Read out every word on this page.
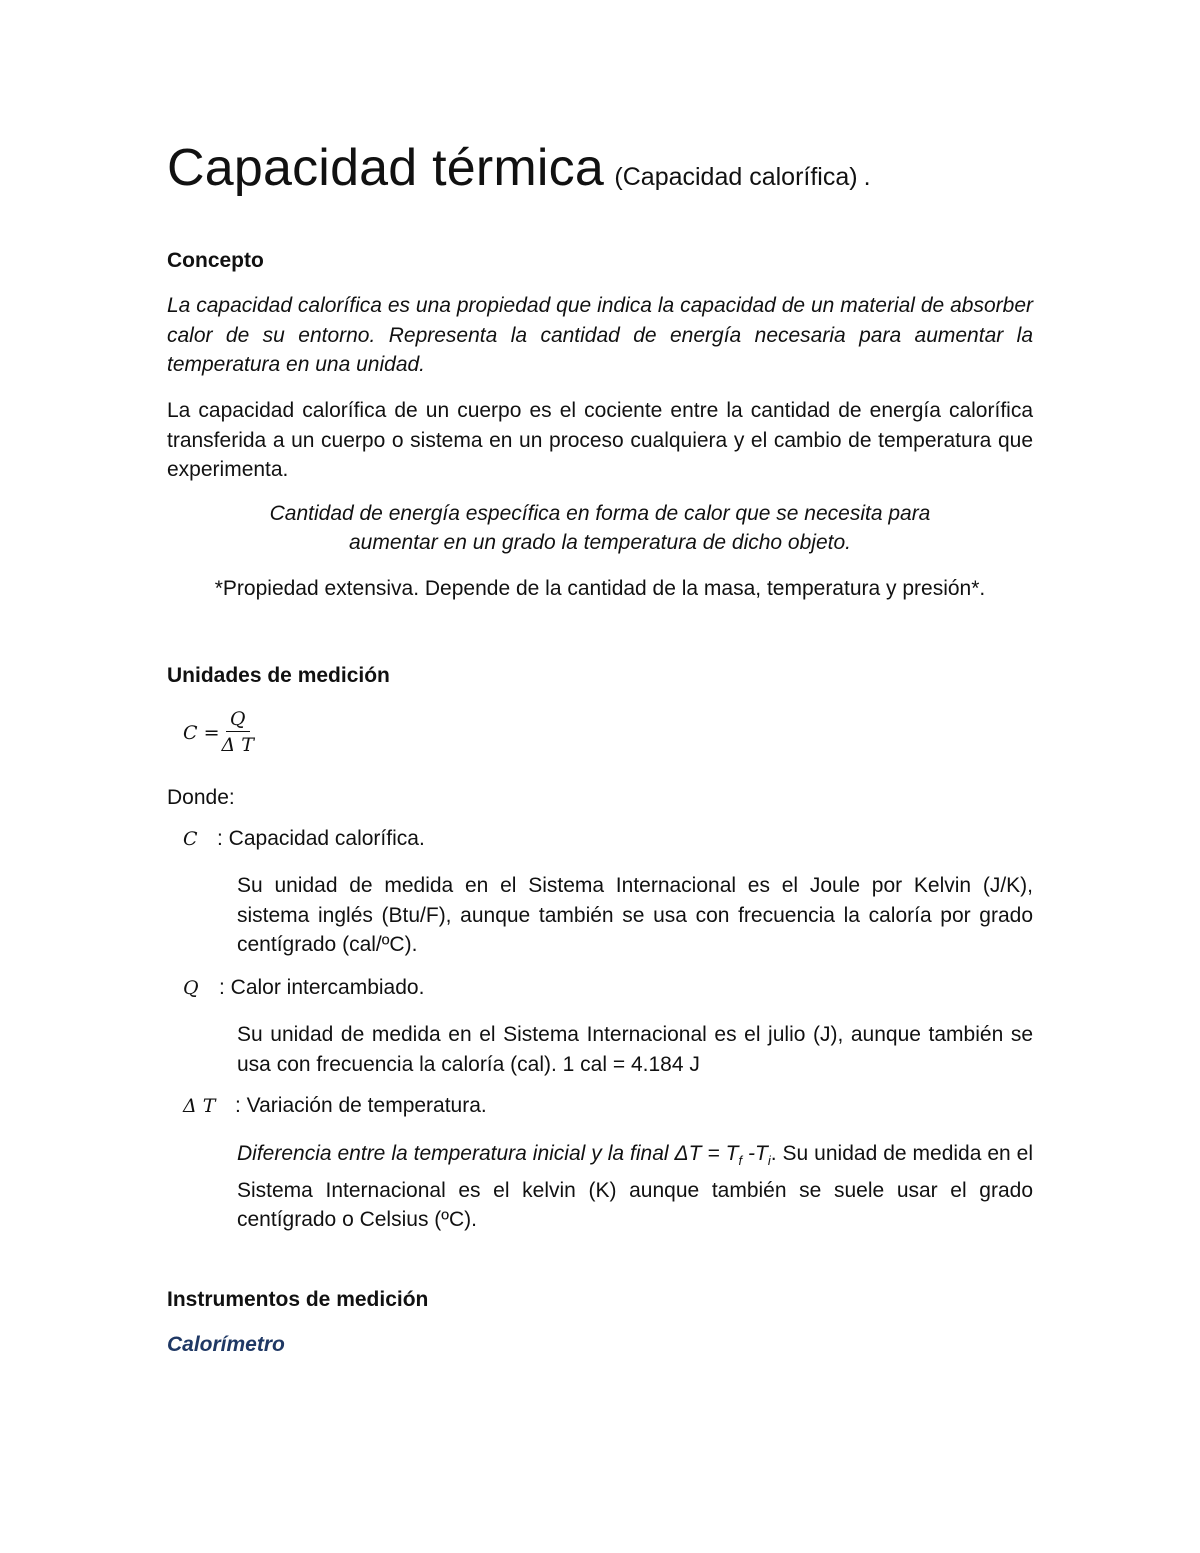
Capacidad térmica (Capacidad calorífica) .
Concepto
La capacidad calorífica es una propiedad que indica la capacidad de un material de absorber calor de su entorno. Representa la cantidad de energía necesaria para aumentar la temperatura en una unidad.
La capacidad calorífica de un cuerpo es el cociente entre la cantidad de energía calorífica transferida a un cuerpo o sistema en un proceso cualquiera y el cambio de temperatura que experimenta.
Cantidad de energía específica en forma de calor que se necesita para
aumentar en un grado la temperatura de dicho objeto.
*Propiedad extensiva. Depende de la cantidad de la masa, temperatura y presión*.
Unidades de medición
$C = \frac{Q}{\text{Δ T}}$
Donde:
C : Capacidad calorífica.
Su unidad de medida en el Sistema Internacional es el Joule por Kelvin (J/K), sistema inglés (Btu/F), aunque también se usa con frecuencia la caloría por grado centígrado (cal/ºC).
Q : Calor intercambiado.
Su unidad de medida en el Sistema Internacional es el julio (J), aunque también se usa con frecuencia la caloría (cal). 1 cal = 4.184 J
Δ T : Variación de temperatura.
Diferencia entre la temperatura inicial y la final $\Delta T = T_f$ $-T_i$. Su unidad de medida en el Sistema Internacional es el kelvin (K) aunque también se suele usar el grado centígrado o Celsius (ºC).
Instrumentos de medición
Calorímetro
